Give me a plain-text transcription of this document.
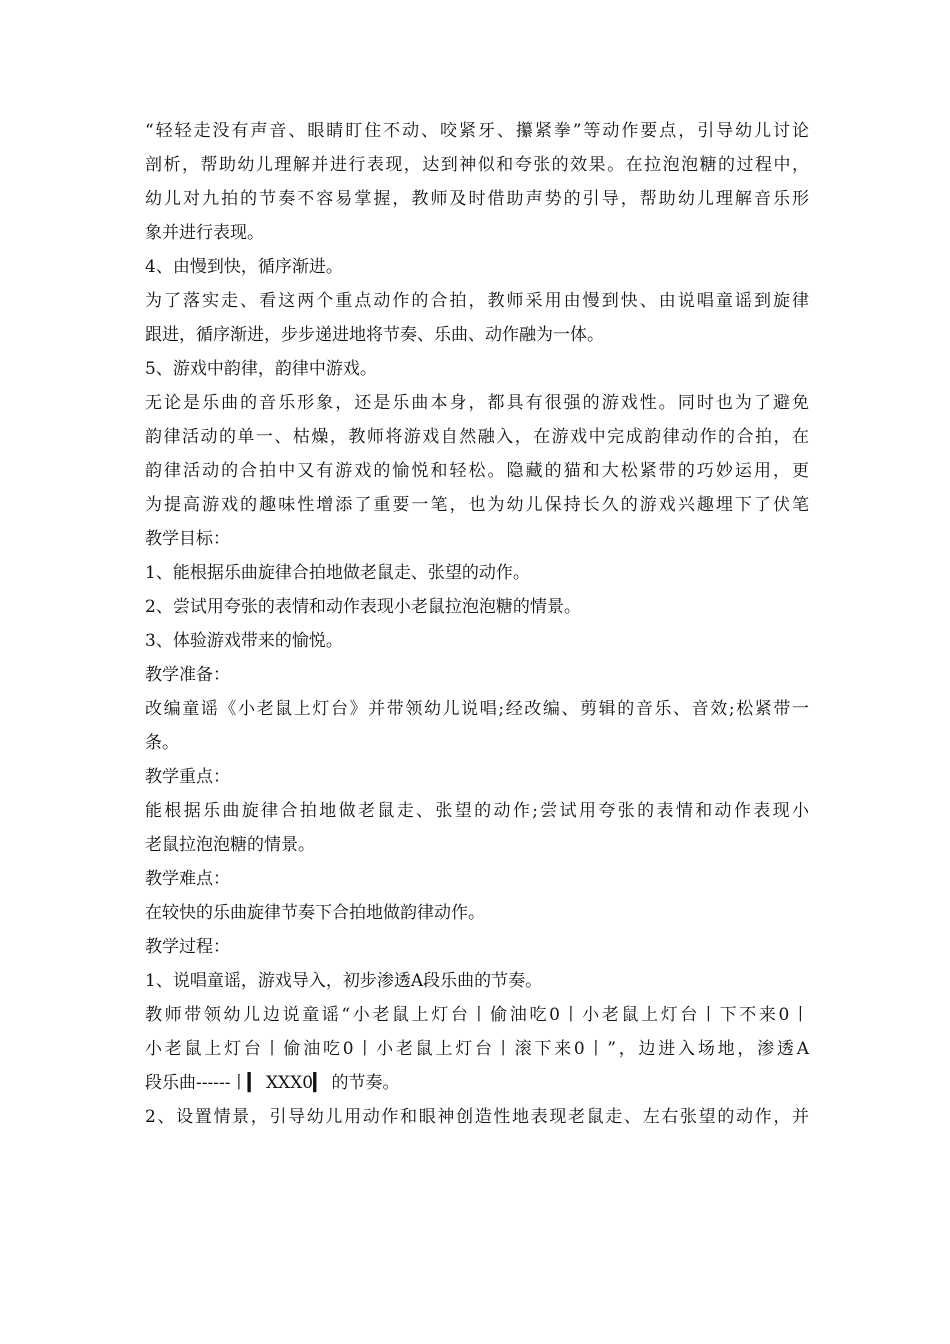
“轻轻走没有声音、眼睛盯住不动、咬紧牙、攥紧拳”等动作要点，引导幼儿讨论

剖析，帮助幼儿理解并进行表现，达到神似和夸张的效果。在拉泡泡糖的过程中，

幼儿对九拍的节奏不容易掌握，教师及时借助声势的引导，帮助幼儿理解音乐形

象并进行表现。

4、由慢到快，循序渐进。

为了落实走、看这两个重点动作的合拍，教师采用由慢到快、由说唱童谣到旋律

跟进，循序渐进，步步递进地将节奏、乐曲、动作融为一体。

5、游戏中韵律，韵律中游戏。

无论是乐曲的音乐形象，还是乐曲本身，都具有很强的游戏性。同时也为了避免

韵律活动的单一、枯燥，教师将游戏自然融入，在游戏中完成韵律动作的合拍，在

韵律活动的合拍中又有游戏的愉悦和轻松。隐藏的猫和大松紧带的巧妙运用，更

为提高游戏的趣味性增添了重要一笔，也为幼儿保持长久的游戏兴趣埋下了伏笔

教学目标：

1、能根据乐曲旋律合拍地做老鼠走、张望的动作。

2、尝试用夸张的表情和动作表现小老鼠拉泡泡糖的情景。

3、体验游戏带来的愉悦。

教学准备：

改编童谣《小老鼠上灯台》并带领幼儿说唱;经改编、剪辑的音乐、音效;松紧带一

条。

教学重点：

能根据乐曲旋律合拍地做老鼠走、张望的动作;尝试用夸张的表情和动作表现小

老鼠拉泡泡糖的情景。

教学难点：

在较快的乐曲旋律节奏下合拍地做韵律动作。

教学过程：

1、说唱童谣，游戏导入，初步渗透A段乐曲的节奏。

教师带领幼儿边说童谣“小老鼠上灯台丨偷油吃0丨小老鼠上灯台丨下不来0丨

小老鼠上灯台丨偷油吃0丨小老鼠上灯台丨滚下来0丨”，边进入场地，渗透A

段乐曲------丨▎ XXX0▎ 的节奏。

2、设置情景，引导幼儿用动作和眼神创造性地表现老鼠走、左右张望的动作，并
